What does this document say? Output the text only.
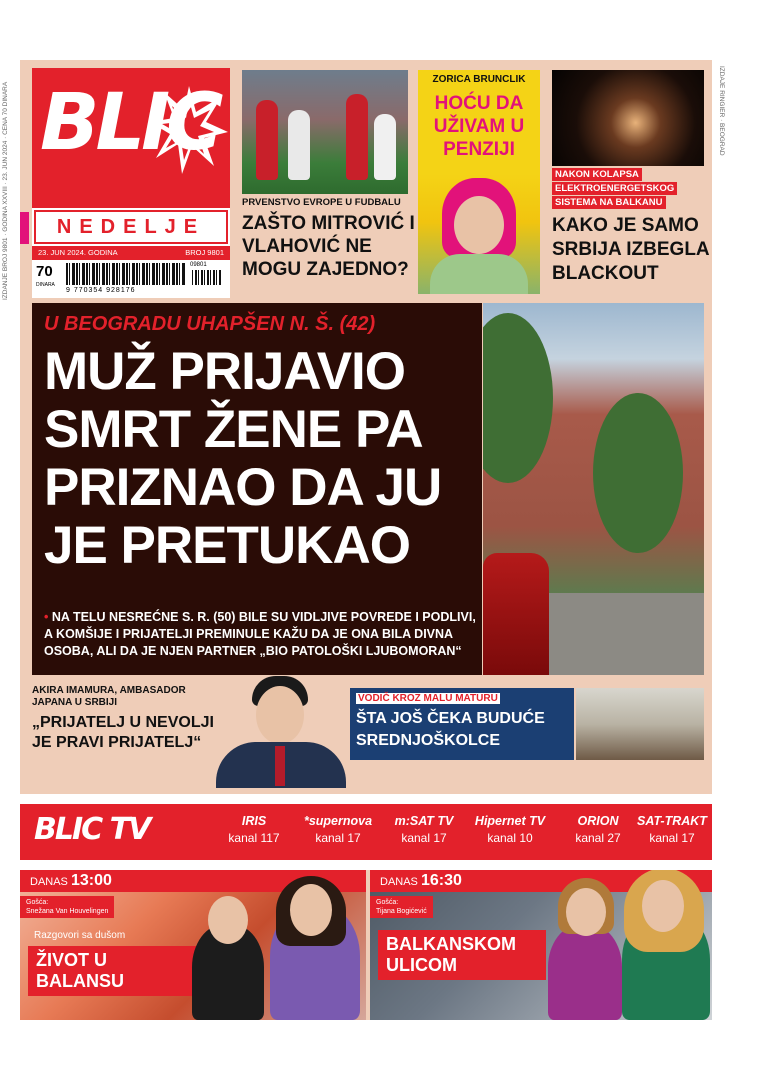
IZDANJE BROJ 9801 · GODINA XXVIII · 23. JUN 2024 · CENA 70 DINARA	IZDAJE RINGIER · BEOGRAD
BLIC
NEDELJE
23. JUN 2024. GODINA	BROJ 9801
70
DINARA
9 770354 928176
09801
PRVENSTVO EVROPE U FUDBALU
ZAŠTO MITROVIĆ I VLAHOVIĆ NE MOGU ZAJEDNO?
ZORICA BRUNCLIK
HOĆU DA UŽIVAM U PENZIJI
NAKON KOLAPSA
ELEKTROENERGETSKOG
SISTEMA NA BALKANU
KAKO JE SAMO SRBIJA IZBEGLA BLACKOUT
U BEOGRADU UHAPŠEN N. Š. (42)
MUŽ PRIJAVIO SMRT ŽENE PA PRIZNAO DA JU JE PRETUKAO
• NA TELU NESREĆNE S. R. (50) BILE SU VIDLJIVE POVREDE I PODLIVI, A KOMŠIJE I PRIJATELJI PREMINULE KAŽU DA JE ONA BILA DIVNA OSOBA, ALI DA JE NJEN PARTNER „BIO PATOLOŠKI LJUBOMORAN“
AKIRA IMAMURA, AMBASADOR JAPANA U SRBIJI
„PRIJATELJ U NEVOLJI JE PRAVI PRIJATELJ“
VODIČ KROZ MALU MATURU
ŠTA JOŠ ČEKA BUDUĆE SREDNJOŠKOLCE
BLIC TV	IRIS
kanal 117
*supernova
kanal 17
m:SAT TV
kanal 17
Hipernet TV
kanal 10
ORION
kanal 27
SAT-TRAKT
kanal 17
DANAS 13:00
Gošća:
Snežana Van Houvelingen
Razgovori sa dušom
ŽIVOT U BALANSU
DANAS 16:30
Gošća:
Tijana Bogićević
BALKANSKOM ULICOM
